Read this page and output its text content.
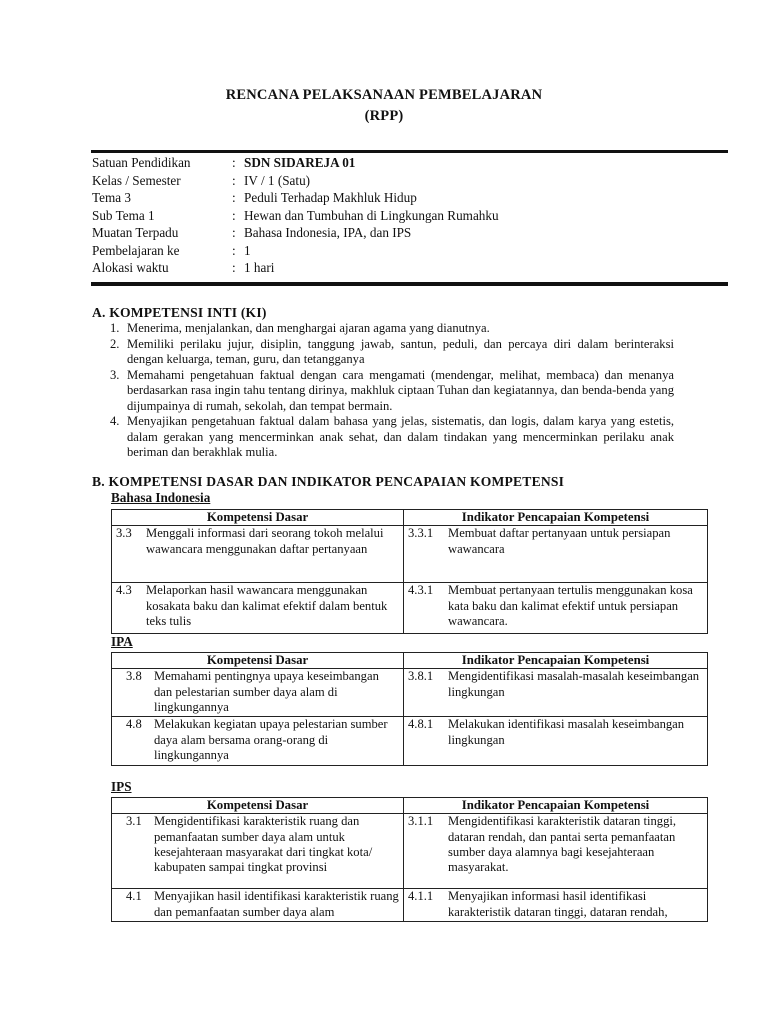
RENCANA PELAKSANAAN PEMBELAJARAN
(RPP)
Satuan Pendidikan	: SDN SIDAREJA 01
Kelas / Semester	: IV / 1 (Satu)
Tema 3	: Peduli Terhadap Makhluk Hidup
Sub Tema 1	: Hewan dan Tumbuhan di Lingkungan Rumahku
Muatan Terpadu	: Bahasa Indonesia, IPA, dan IPS
Pembelajaran ke	: 1
Alokasi waktu	: 1 hari
A. KOMPETENSI INTI (KI)
1. Menerima, menjalankan, dan menghargai ajaran agama yang dianutnya.
2. Memiliki perilaku jujur, disiplin, tanggung jawab, santun, peduli, dan percaya diri dalam berinteraksi dengan keluarga, teman, guru, dan tetangganya
3. Memahami pengetahuan faktual dengan cara mengamati (mendengar, melihat, membaca) dan menanya berdasarkan rasa ingin tahu tentang dirinya, makhluk ciptaan Tuhan dan kegiatannya, dan benda-benda yang dijumpainya di rumah, sekolah, dan tempat bermain.
4. Menyajikan pengetahuan faktual dalam bahasa yang jelas, sistematis, dan logis, dalam karya yang estetis, dalam gerakan yang mencerminkan anak sehat, dan dalam tindakan yang mencerminkan perilaku anak beriman dan berakhlak mulia.
B. KOMPETENSI DASAR DAN INDIKATOR PENCAPAIAN KOMPETENSI
Bahasa Indonesia
Kompetensi Dasar	Indikator Pencapaian Kompetensi

3.3 Menggali informasi dari seorang tokoh melalui wawancara menggunakan daftar pertanyaan	3.3.1 Membuat daftar pertanyaan untuk persiapan wawancara

4.3 Melaporkan hasil wawancara menggunakan kosakata baku dan kalimat efektif dalam bentuk teks tulis	4.3.1 Membuat pertanyaan tertulis menggunakan kosa kata baku dan kalimat efektif untuk persiapan wawancara.
IPA
Kompetensi Dasar	Indikator Pencapaian Kompetensi

3.8 Memahami pentingnya upaya keseimbangan dan pelestarian sumber daya alam di lingkungannya	3.8.1 Mengidentifikasi masalah-masalah keseimbangan lingkungan

4.8 Melakukan kegiatan upaya pelestarian sumber daya alam bersama orang-orang di lingkungannya	4.8.1 Melakukan identifikasi masalah keseimbangan lingkungan
IPS
Kompetensi Dasar	Indikator Pencapaian Kompetensi

3.1 Mengidentifikasi karakteristik ruang dan pemanfaatan sumber daya alam untuk kesejahteraan masyarakat dari tingkat kota/ kabupaten sampai tingkat provinsi	3.1.1 Mengidentifikasi karakteristik dataran tinggi, dataran rendah, dan pantai serta pemanfaatan sumber daya alamnya bagi kesejahteraan masyarakat.

4.1 Menyajikan hasil identifikasi karakteristik ruang dan pemanfaatan sumber daya alam	4.1.1 Menyajikan informasi hasil identifikasi karakteristik dataran tinggi, dataran rendah,
